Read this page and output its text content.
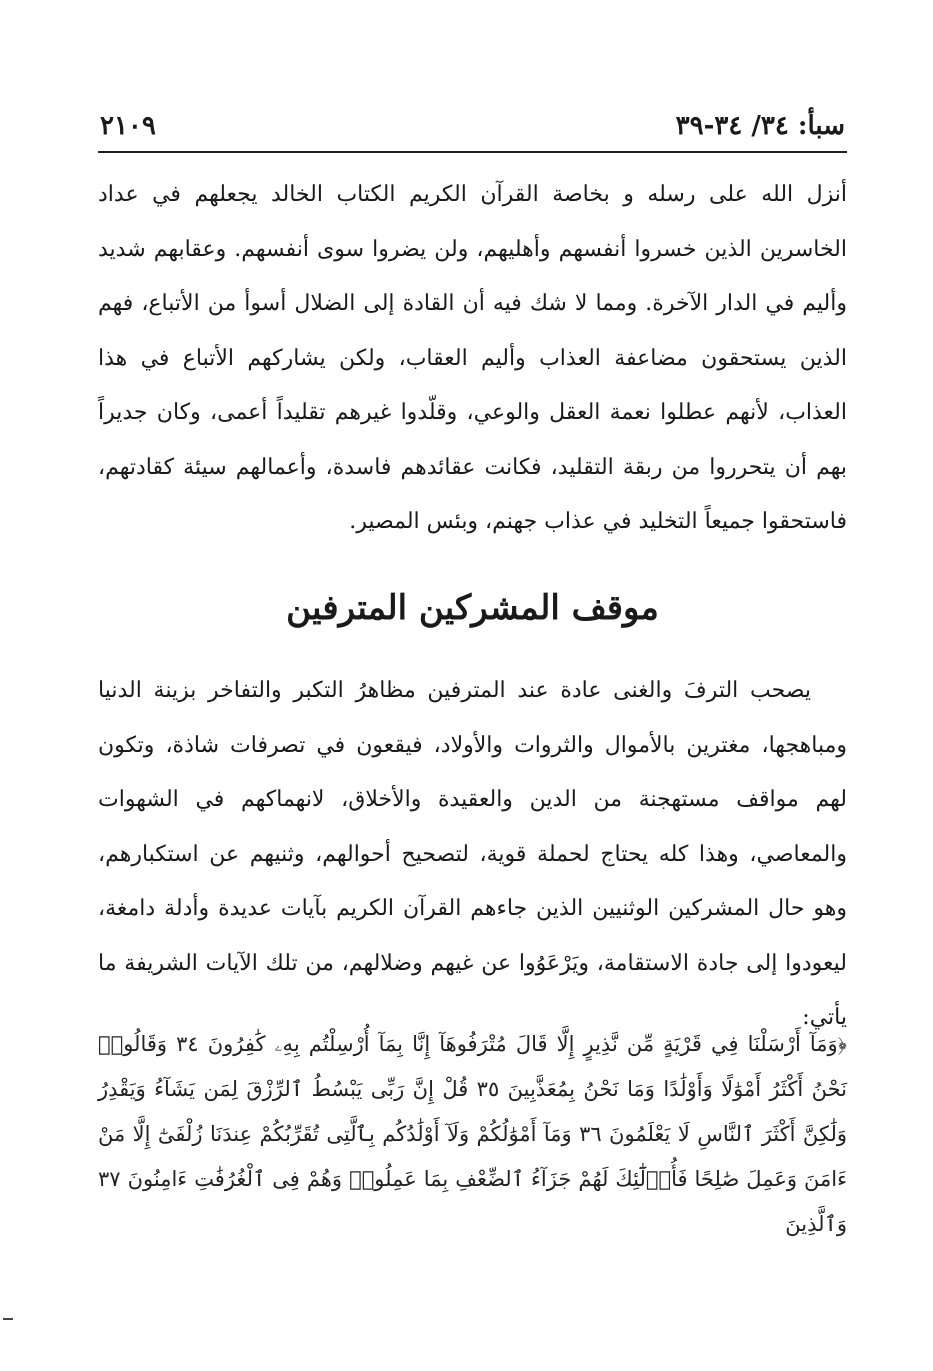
سبأ: ٣٤/ ٣٤-٣٩
٢١٠٩

أنزل الله على رسله و بخاصة القرآن الكريم الكتاب الخالد يجعلهم في عداد الخاسرين الذين خسروا أنفسهم وأهليهم، ولن يضروا سوى أنفسهم. وعقابهم شديد وأليم في الدار الآخرة. ومما لا شك فيه أن القادة إلى الضلال أسوأ من الأتباع، فهم الذين يستحقون مضاعفة العذاب وأليم العقاب، ولكن يشاركهم الأتباع في هذا العذاب، لأنهم عطلوا نعمة العقل والوعي، وقلّدوا غيرهم تقليداً أعمى، وكان جديراً بهم أن يتحرروا من ربقة التقليد، فكانت عقائدهم فاسدة، وأعمالهم سيئة كقادتهم، فاستحقوا جميعاً التخليد في عذاب جهنم، وبئس المصير.

موقف المشركين المترفين

يصحب الترفَ والغنى عادة عند المترفين مظاهرُ التكبر والتفاخر بزينة الدنيا ومباهجها، مغترين بالأموال والثروات والأولاد، فيقعون في تصرفات شاذة، وتكون لهم مواقف مستهجنة من الدين والعقيدة والأخلاق، لانهماكهم في الشهوات والمعاصي، وهذا كله يحتاج لحملة قوية، لتصحيح أحوالهم، وثنيهم عن استكبارهم، وهو حال المشركين الوثنيين الذين جاءهم القرآن الكريم بآيات عديدة وأدلة دامغة، ليعودوا إلى جادة الاستقامة، ويَرْعَوُوا عن غيهم وضلالهم، من تلك الآيات الشريفة ما يأتي:

﴿وَمَآ أَرْسَلْنَا فِي قَرْيَةٍ مِّن نَّذِيرٍ إِلَّا قَالَ مُتْرَفُوهَآ إِنَّا بِمَآ أُرْسِلْتُم بِهِۦ كَٰفِرُونَ ٣٤ وَقَالُوا۟ نَحْنُ أَكْثَرُ أَمْوَٰلًا وَأَوْلَٰدًا وَمَا نَحْنُ بِمُعَذَّبِينَ ٣٥ قُلْ إِنَّ رَبِّى يَبْسُطُ ٱلرِّزْقَ لِمَن يَشَآءُ وَيَقْدِرُ وَلَٰكِنَّ أَكْثَرَ ٱلنَّاسِ لَا يَعْلَمُونَ ٣٦ وَمَآ أَمْوَٰلُكُمْ وَلَآ أَوْلَٰدُكُم بِٱلَّتِى تُقَرِّبُكُمْ عِندَنَا زُلْفَىٰٓ إِلَّا مَنْ ءَامَنَ وَعَمِلَ صَٰلِحًا فَأُو۟لَٰٓئِكَ لَهُمْ جَزَآءُ ٱلضِّعْفِ بِمَا عَمِلُوا۟ وَهُمْ فِى ٱلْغُرُفَٰتِ ءَامِنُونَ ٣٧ وَٱلَّذِينَ
